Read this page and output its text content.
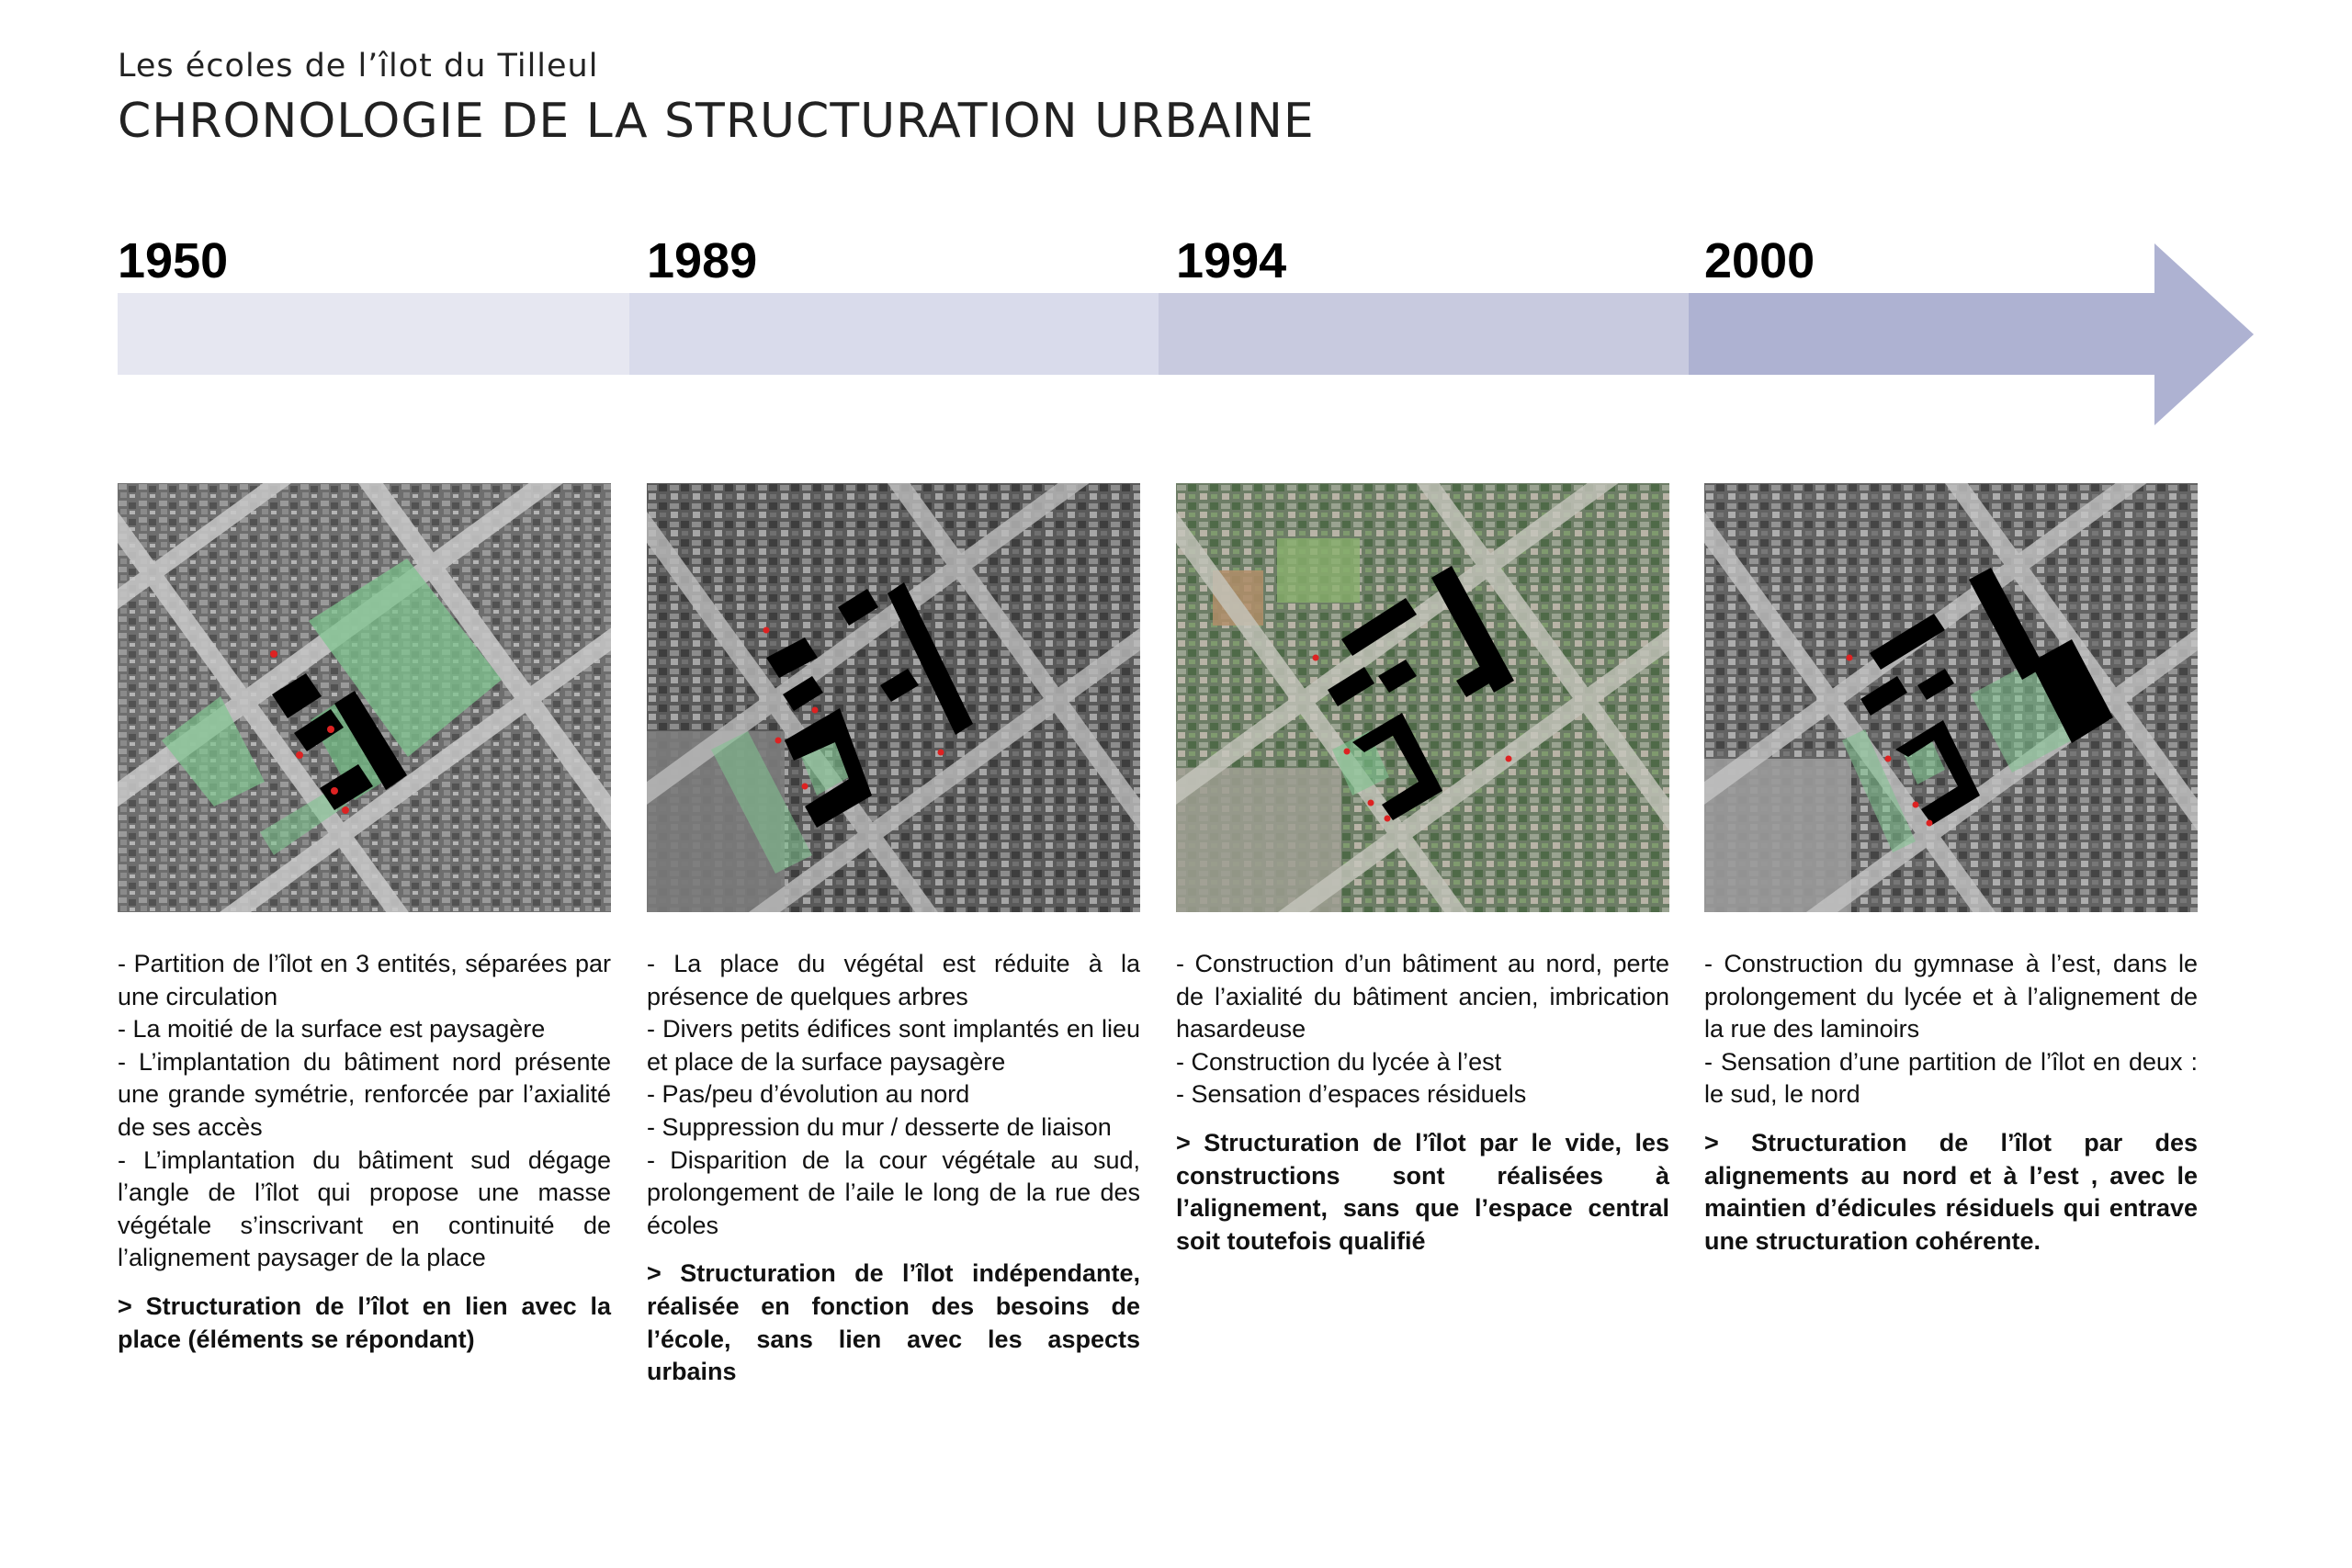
Les écoles de l’îlot du Tilleul
CHRONOLOGIE DE LA STRUCTURATION URBAINE
1950	1989	1994	2000

- Partition de l’îlot en 3 entités, séparées par une circulation

- La moitié de la surface est paysagère

- L’implantation du bâtiment nord présente une grande symétrie, renforcée par l’axialité de ses accès

- L’implantation du bâtiment sud dégage l’angle de l’îlot qui propose une masse végétale s’inscrivant en continuité de l’alignement paysager de la place

> Structuration de l’îlot en lien avec la place (éléments se répondant)

- La place du végétal est réduite à la présence de quelques arbres

- Divers petits édifices sont implantés en lieu et place de la surface paysagère

- Pas/peu d’évolution au nord

- Suppression du mur / desserte de liaison

- Disparition de la cour végétale au sud, prolongement de l’aile le long de la rue des écoles

> Structuration de l’îlot indépendante, réalisée en fonction des besoins de l’école, sans lien avec les aspects urbains

- Construction d’un bâtiment au nord, perte de l’axialité du bâtiment ancien, imbrication hasardeuse

- Construction du lycée à l’est

- Sensation d’espaces résiduels

> Structuration de l’îlot par le vide, les constructions sont réalisées à l’alignement, sans que l’espace central soit toutefois qualifié

- Construction du gymnase à l’est, dans le prolongement du lycée et à l’alignement de la rue des laminoirs

- Sensation d’une partition de l’îlot en deux : le sud, le nord

> Structuration de l’îlot par des alignements au nord et à l’est , avec le maintien d’édicules résiduels qui entrave une structuration cohérente.
